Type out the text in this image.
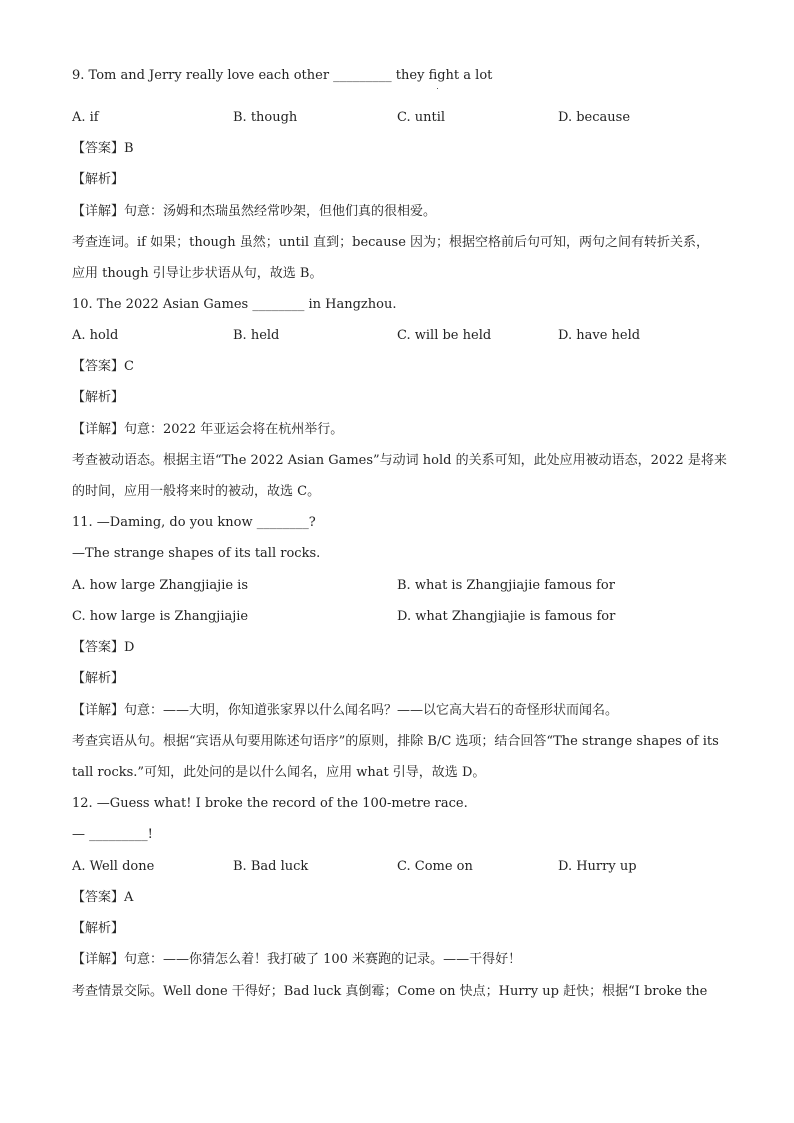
9. Tom and Jerry really love each other _________ they fight a lot
A. if	B. though	C. until	D. because
【答案】B
【解析】
【详解】句意：汤姆和杰瑞虽然经常吵架，但他们真的很相爱。
考查连词。if 如果；though 虽然；until 直到；because 因为；根据空格前后句可知，两句之间有转折关系，
应用 though 引导让步状语从句，故选 B。
10. The 2022 Asian Games ________ in Hangzhou.
A. hold	B. held	C. will be held	D. have held
【答案】C
【解析】
【详解】句意：2022 年亚运会将在杭州举行。
考查被动语态。根据主语“The 2022 Asian Games”与动词 hold 的关系可知，此处应用被动语态，2022 是将来
的时间，应用一般将来时的被动，故选 C。
11. —Daming, do you know ________?
—The strange shapes of its tall rocks.
A. how large Zhangjiajie is	B. what is Zhangjiajie famous for
C. how large is Zhangjiajie	D. what Zhangjiajie is famous for
【答案】D
【解析】
【详解】句意：——大明，你知道张家界以什么闻名吗？——以它高大岩石的奇怪形状而闻名。
考查宾语从句。根据“宾语从句要用陈述句语序”的原则，排除 B/C 选项；结合回答“The strange shapes of its
tall rocks.”可知，此处问的是以什么闻名，应用 what 引导，故选 D。
12. —Guess what! I broke the record of the 100-metre race.
— _________!
A. Well done	B. Bad luck	C. Come on	D. Hurry up
【答案】A
【解析】
【详解】句意：——你猜怎么着！我打破了 100 米赛跑的记录。——干得好！
考查情景交际。Well done 干得好；Bad luck 真倒霉；Come on 快点；Hurry up 赶快；根据“I broke the
